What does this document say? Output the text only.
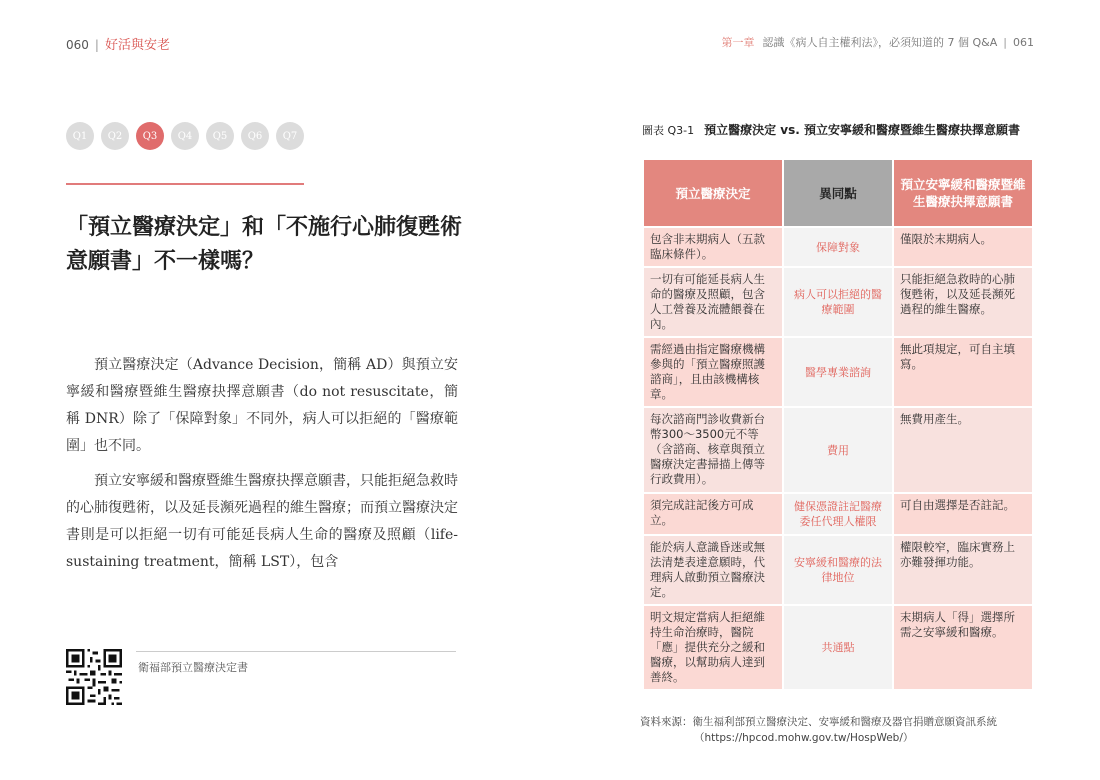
060 | 好活與安老	第一章 認識《病人自主權利法》，必須知道的 7 個 Q&A | 061
Q1	Q2	Q3	Q4	Q5	Q6	Q7
「預立醫療決定」和「不施行心肺復甦術意願書」不一樣嗎？

預立醫療決定（Advance Decision，簡稱 AD）與預立安寧緩和醫療暨維生醫療抉擇意願書（do not resuscitate，簡稱 DNR）除了「保障對象」不同外，病人可以拒絕的「醫療範圍」也不同。

預立安寧緩和醫療暨維生醫療抉擇意願書，只能拒絕急救時的心肺復甦術，以及延長瀕死過程的維生醫療；而預立醫療決定書則是可以拒絕一切有可能延長病人生命的醫療及照顧（life-sustaining treatment，簡稱 LST），包含

衛福部預立醫療決定書
圖表 Q3-1 預立醫療決定 vs. 預立安寧緩和醫療暨維生醫療抉擇意願書
預立醫療決定	異同點	預立安寧緩和醫療暨維生醫療抉擇意願書
包含非末期病人（五款臨床條件）。	保障對象	僅限於末期病人。
一切有可能延長病人生命的醫療及照顧，包含人工營養及流體餵養在內。	病人可以拒絕的醫療範圍	只能拒絕急救時的心肺復甦術，以及延長瀕死過程的維生醫療。
需經過由指定醫療機構參與的「預立醫療照護諮商」，且由該機構核章。	醫學專業諮詢	無此項規定，可自主填寫。
每次諮商門診收費新台幣300～3500元不等（含諮商、核章與預立醫療決定書掃描上傳等行政費用）。	費用	無費用產生。
須完成註記後方可成立。	健保憑證註記醫療委任代理人權限	可自由選擇是否註記。
能於病人意識昏迷或無法清楚表達意願時，代理病人啟動預立醫療決定。	安寧緩和醫療的法律地位	權限較窄，臨床實務上亦難發揮功能。
明文規定當病人拒絕維持生命治療時，醫院「應」提供充分之緩和醫療，以幫助病人達到善終。	共通點	末期病人「得」選擇所需之安寧緩和醫療。
資料來源：衛生福利部預立醫療決定、安寧緩和醫療及器官捐贈意願資訊系統
（https://hpcod.mohw.gov.tw/HospWeb/）
